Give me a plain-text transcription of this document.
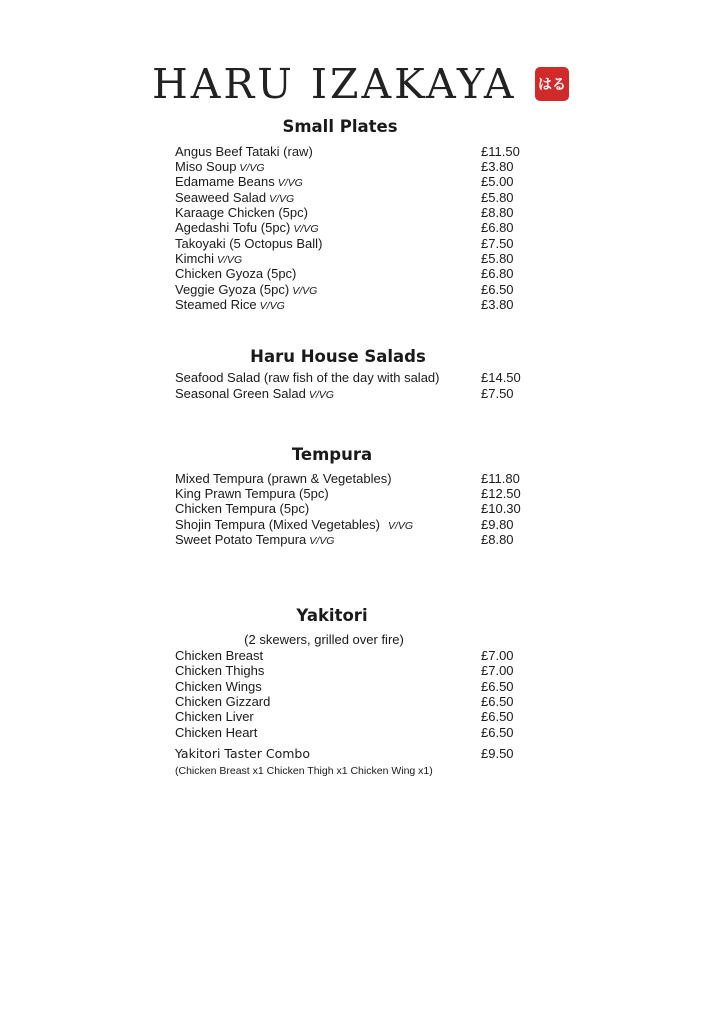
HARU IZAKAYA はる
Small Plates
Angus Beef Tataki (raw)	£11.50
Miso Soup V/VG	£3.80
Edamame Beans V/VG	£5.00
Seaweed Salad V/VG	£5.80
Karaage Chicken (5pc)	£8.80
Agedashi Tofu (5pc) V/VG	£6.80
Takoyaki (5 Octopus Ball)	£7.50
Kimchi V/VG	£5.80
Chicken Gyoza (5pc)	£6.80
Veggie Gyoza (5pc) V/VG	£6.50
Steamed Rice V/VG	£3.80
Haru House Salads
Seafood Salad (raw fish of the day with salad)	£14.50
Seasonal Green Salad V/VG	£7.50
Tempura
Mixed Tempura (prawn & Vegetables)	£11.80
King Prawn Tempura (5pc)	£12.50
Chicken Tempura (5pc)	£10.30
Shojin Tempura (Mixed Vegetables) V/VG	£9.80
Sweet Potato Tempura V/VG	£8.80
Yakitori
(2 skewers, grilled over fire)
Chicken Breast	£7.00
Chicken Thighs	£7.00
Chicken Wings	£6.50
Chicken Gizzard	£6.50
Chicken Liver	£6.50
Chicken Heart	£6.50
Yakitori Taster Combo	£9.50
(Chicken Breast x1 Chicken Thigh x1 Chicken Wing x1)
